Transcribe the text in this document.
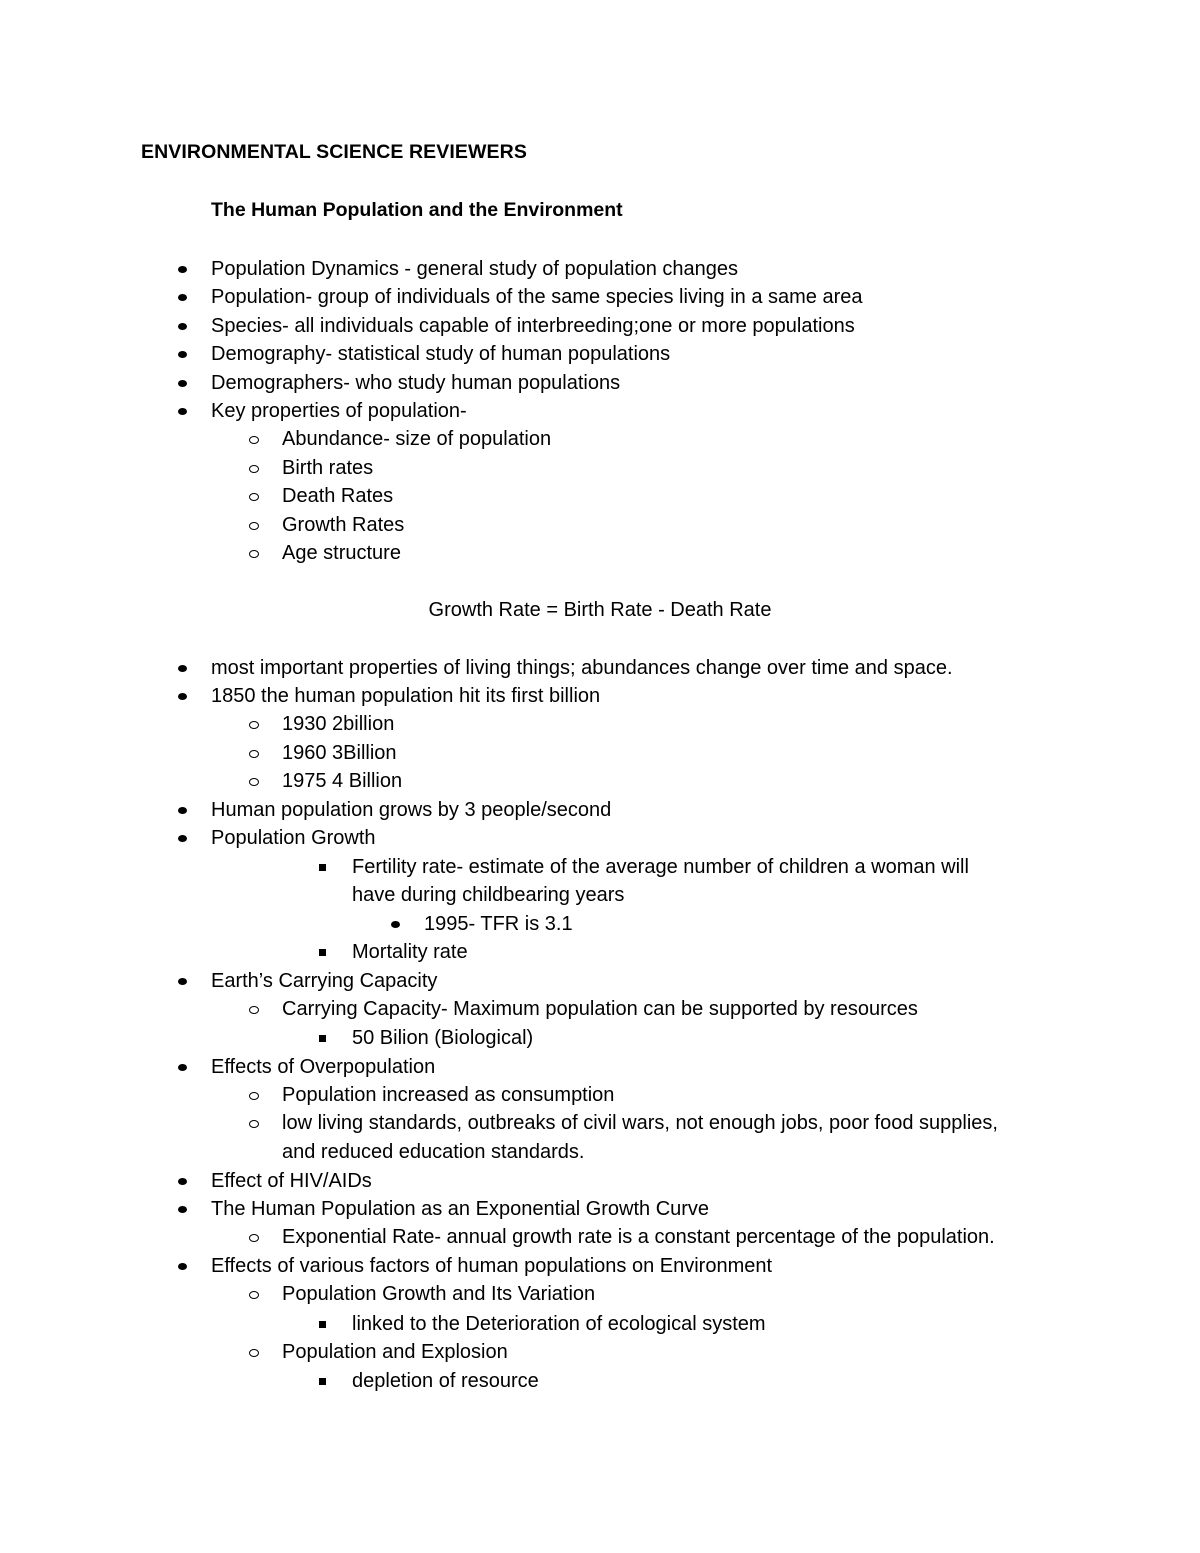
ENVIRONMENTAL SCIENCE REVIEWERS
The Human Population and the Environment
Population Dynamics - general study of population changes
Population- group of individuals of the same species living in a same area
Species- all individuals capable of interbreeding;one or more populations
Demography- statistical study of human populations
Demographers- who study human populations
Key properties of population-
Abundance- size of population
Birth rates
Death Rates
Growth Rates
Age structure
Growth Rate = Birth Rate - Death Rate
most important properties of living things; abundances change over time and space.
1850 the human population hit its first billion
1930 2billion
1960 3Billion
1975 4 Billion
Human population grows by 3 people/second
Population Growth
Fertility rate- estimate of the average number of children a woman will
have during childbearing years
1995- TFR is 3.1
Mortality rate
Earth’s Carrying Capacity
Carrying Capacity- Maximum population can be supported by resources
50 Bilion (Biological)
Effects of Overpopulation
Population increased as consumption
low living standards, outbreaks of civil wars, not enough jobs, poor food supplies,
and reduced education standards.
Effect of HIV/AIDs
The Human Population as an Exponential Growth Curve
Exponential Rate- annual growth rate is a constant percentage of the population.
Effects of various factors of human populations on Environment
Population Growth and Its Variation
linked to the Deterioration of ecological system
Population and Explosion
depletion of resource
